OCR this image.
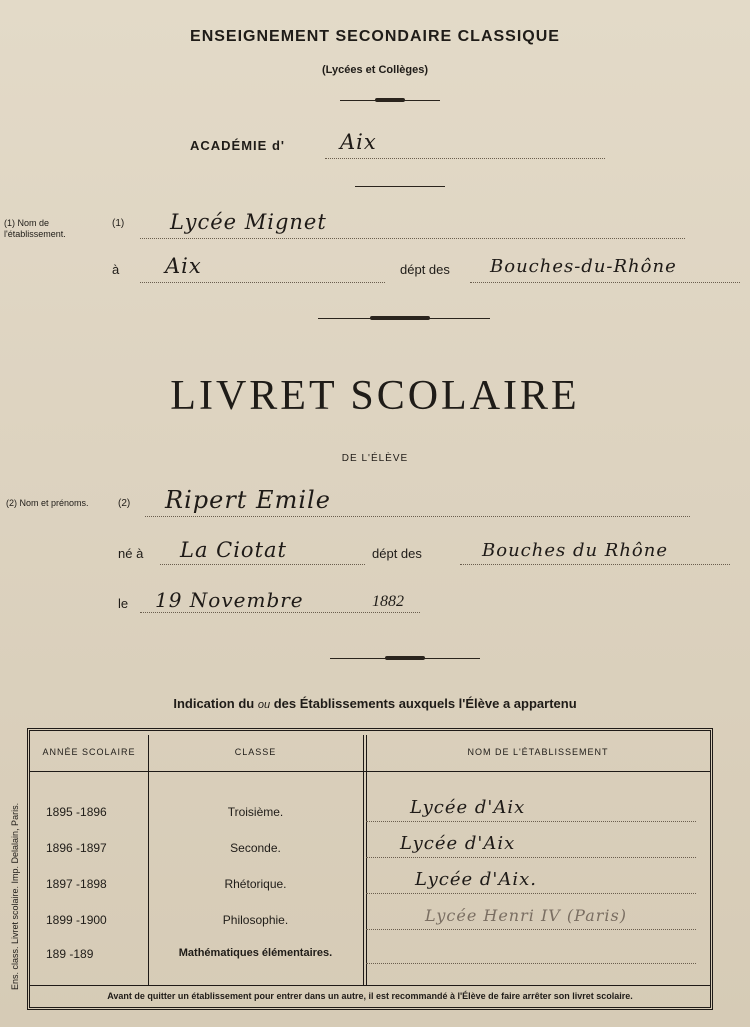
ENSEIGNEMENT SECONDAIRE CLASSIQUE
(Lycées et Collèges)
ACADÉMIE d'	Aix
(1) Nom de l'établissement.
(1) Lycée Mignet
à Aix	dépt des Bouches-du-Rhône
LIVRET SCOLAIRE
DE L'ÉLÈVE
(2) Nom et prénoms.	(2) Ripert Emile
né à La Ciotat	dépt des	Bouches du Rhône
le 19 Novembre	1882
Indication du ou des Établissements auxquels l'Élève a appartenu
Ens. class. Livret scolaire. Imp. Delalain, Paris.
ANNÉE SCOLAIRE	CLASSE	NOM DE L'ÉTABLISSEMENT
1895 -1896	Troisième.	Lycée d'Aix
1896 -1897	Seconde.	Lycée d'Aix
1897 -1898	Rhétorique.	Lycée d'Aix.
1899 -1900	Philosophie.	Lycée Henri IV (Paris)
189 -189	Mathématiques élémentaires.
Avant de quitter un établissement pour entrer dans un autre, il est recommandé à l'Élève de faire arrêter son livret scolaire.
